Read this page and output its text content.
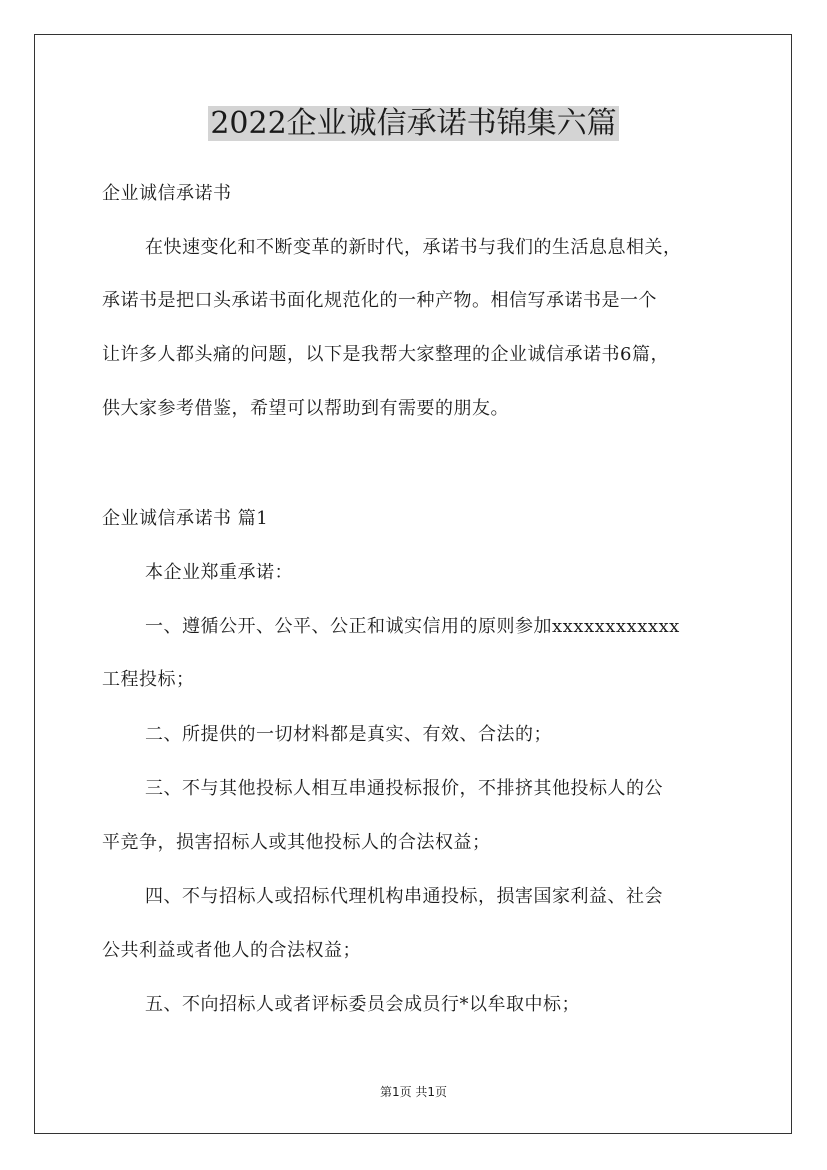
2022企业诚信承诺书锦集六篇

企业诚信承诺书

在快速变化和不断变革的新时代，承诺书与我们的生活息息相关，

承诺书是把口头承诺书面化规范化的一种产物。相信写承诺书是一个

让许多人都头痛的问题，以下是我帮大家整理的企业诚信承诺书6篇，

供大家参考借鉴，希望可以帮助到有需要的朋友。

企业诚信承诺书 篇1

本企业郑重承诺：

一、遵循公开、公平、公正和诚实信用的原则参加xxxxxxxxxxxx

工程投标；

二、所提供的一切材料都是真实、有效、合法的；

三、不与其他投标人相互串通投标报价，不排挤其他投标人的公

平竞争，损害招标人或其他投标人的合法权益；

四、不与招标人或招标代理机构串通投标，损害国家利益、社会

公共利益或者他人的合法权益；

五、不向招标人或者评标委员会成员行*以牟取中标；

第1页 共1页
